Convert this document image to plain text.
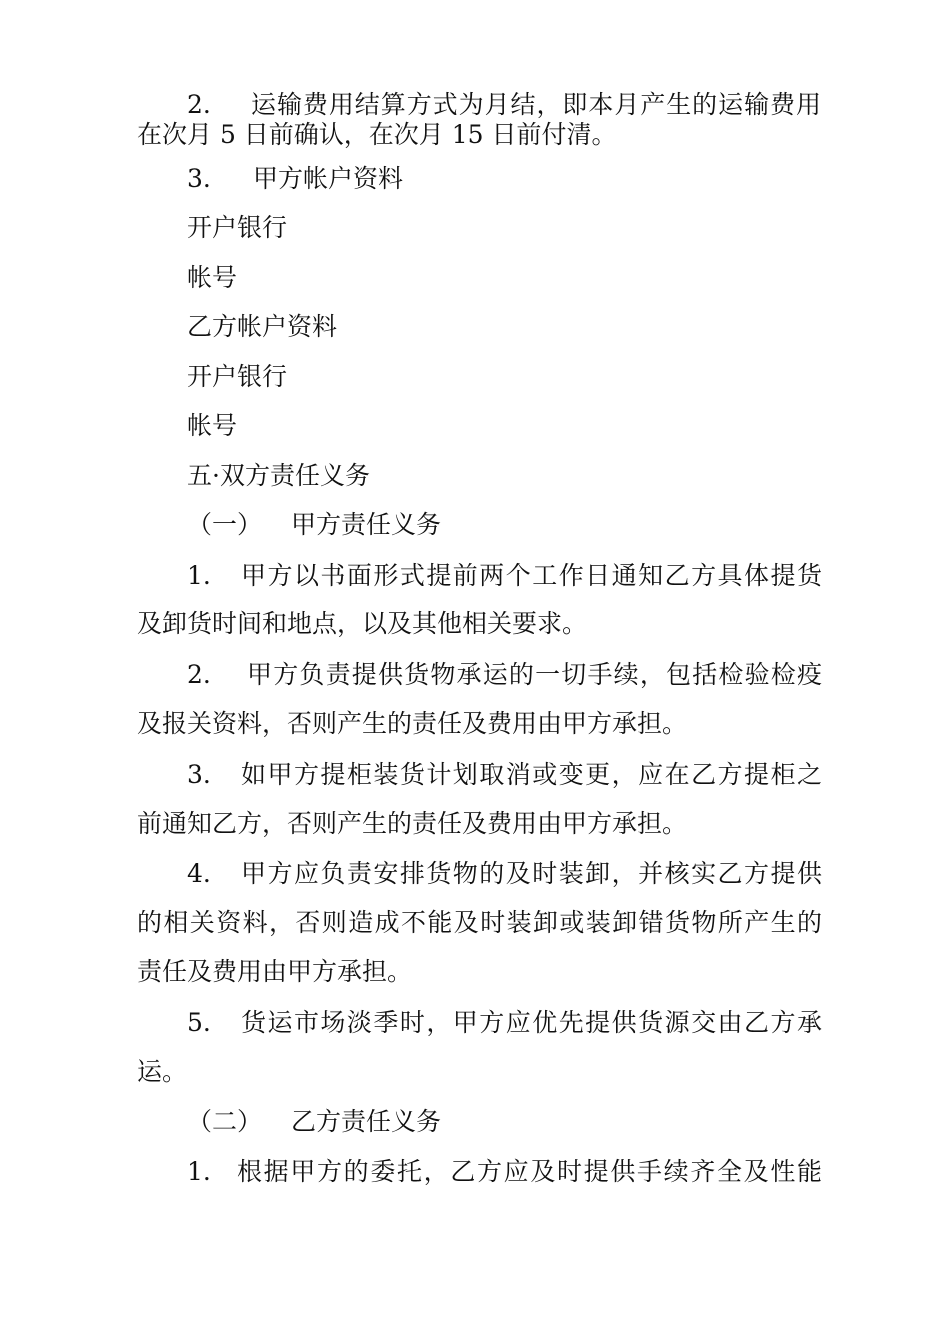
2. 运输费用结算方式为月结，即本月产生的运输费用
在次月 5 日前确认，在次月 15 日前付清。
3. 甲方帐户资料
开户银行
帐号
乙方帐户资料
开户银行
帐号
五·双方责任义务
（一） 甲方责任义务
1. 甲方以书面形式提前两个工作日通知乙方具体提货
及卸货时间和地点，以及其他相关要求。
2. 甲方负责提供货物承运的一切手续，包括检验检疫
及报关资料，否则产生的责任及费用由甲方承担。
3. 如甲方提柜装货计划取消或变更，应在乙方提柜之
前通知乙方，否则产生的责任及费用由甲方承担。
4. 甲方应负责安排货物的及时装卸，并核实乙方提供
的相关资料，否则造成不能及时装卸或装卸错货物所产生的
责任及费用由甲方承担。
5. 货运市场淡季时，甲方应优先提供货源交由乙方承
运。
（二） 乙方责任义务
1. 根据甲方的委托，乙方应及时提供手续齐全及性能
